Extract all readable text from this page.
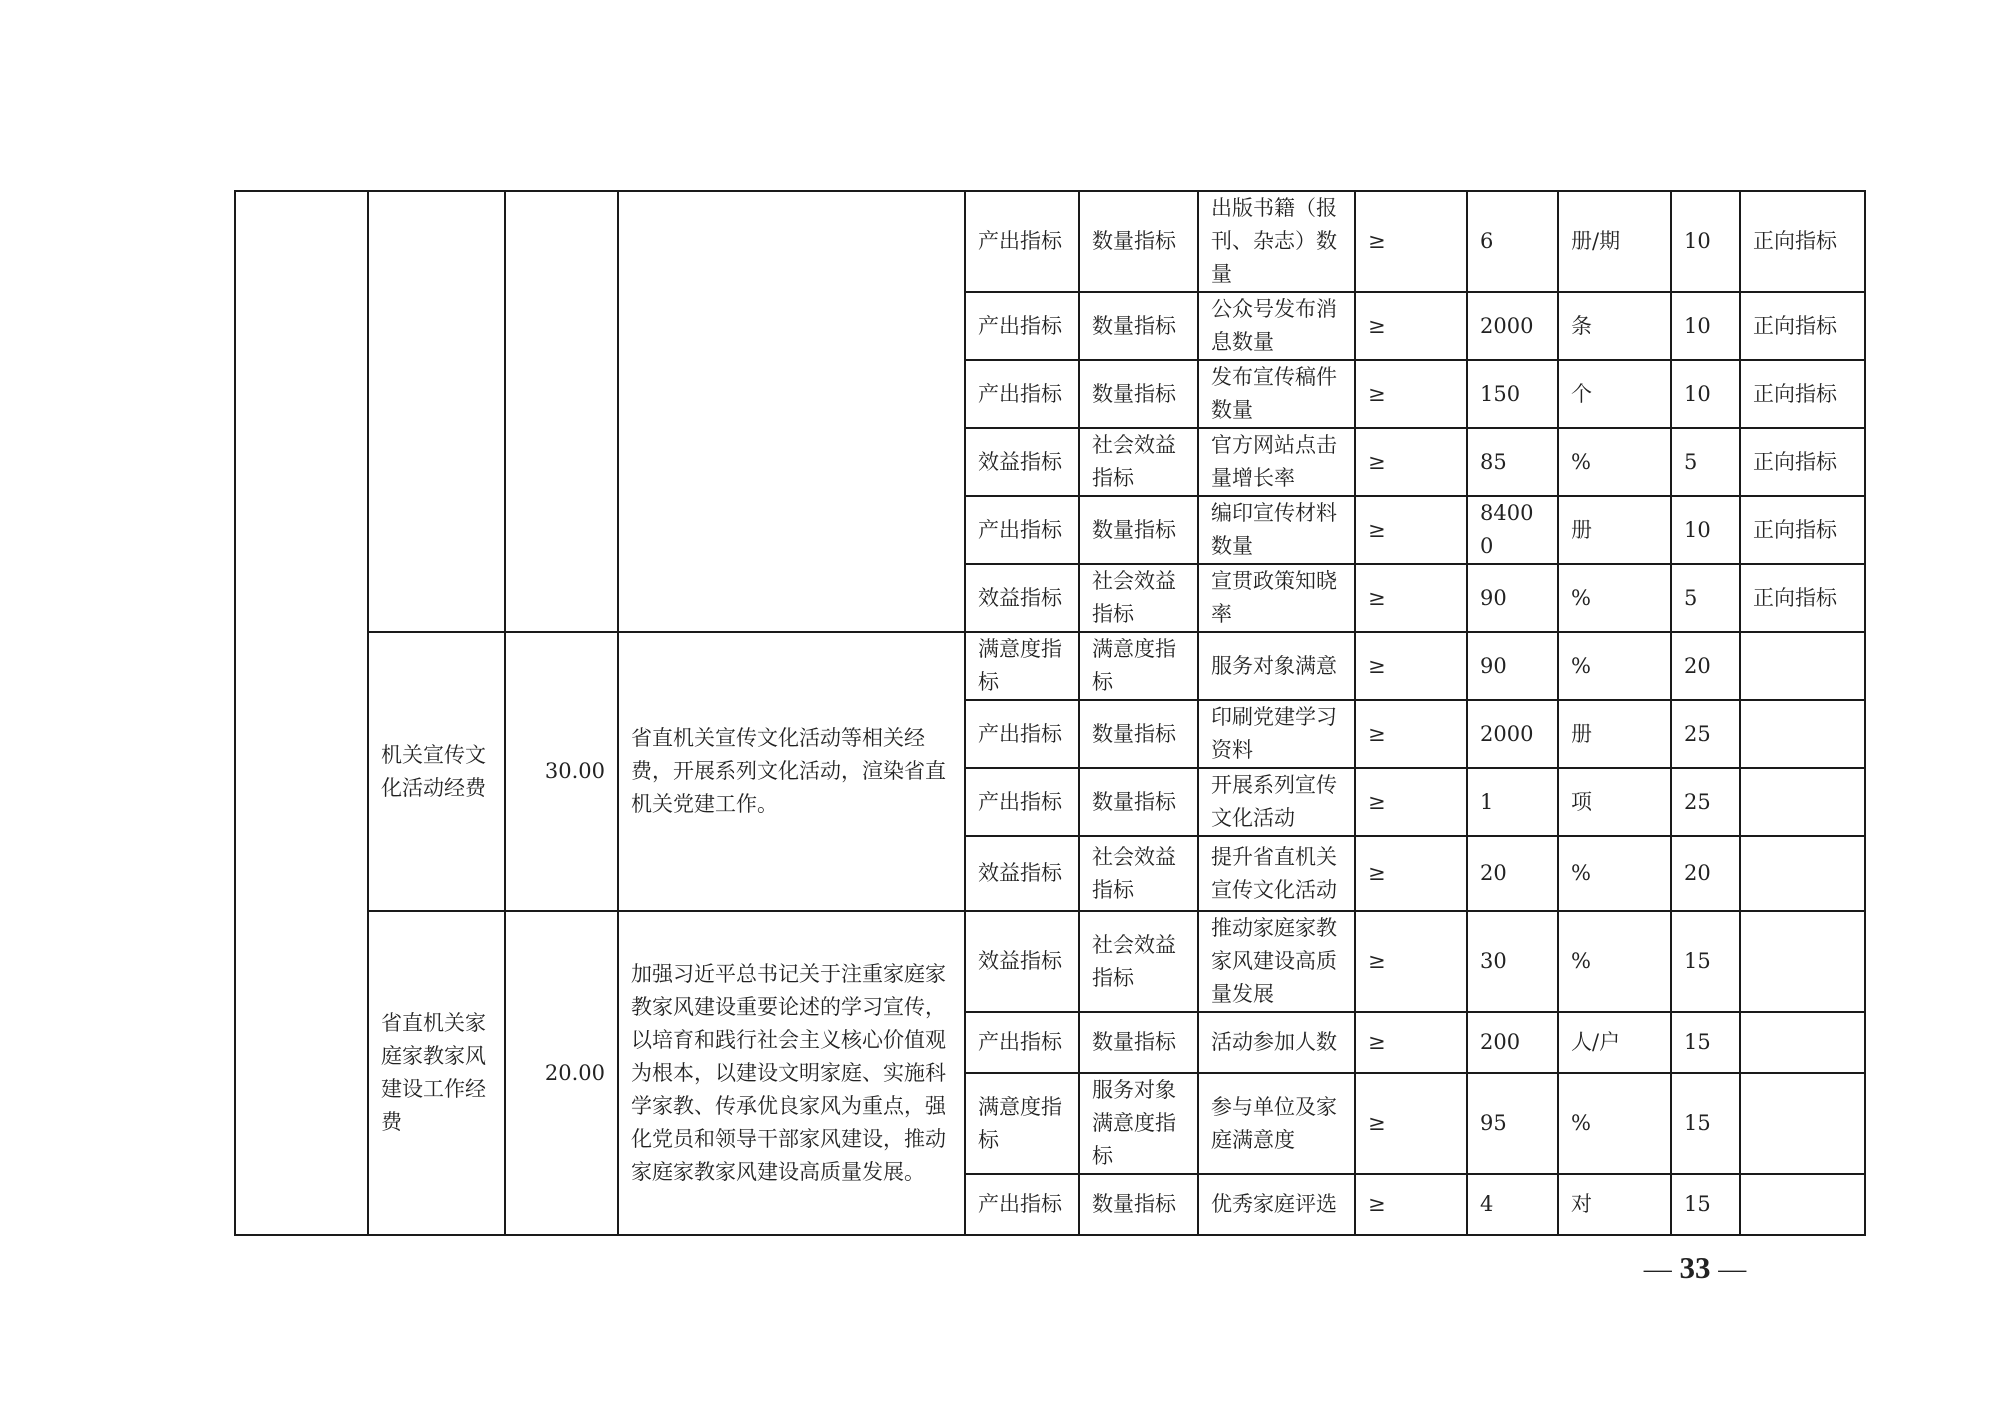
				产出指标	数量指标	出版书籍（报刊、杂志）数量	≥	6	册/期	10	正向指标
				产出指标	数量指标	公众号发布消息数量	≥	2000	条	10	正向指标
				产出指标	数量指标	发布宣传稿件数量	≥	150	个	10	正向指标
				效益指标	社会效益指标	官方网站点击量增长率	≥	85	%	5	正向指标
				产出指标	数量指标	编印宣传材料数量	≥	84000	册	10	正向指标
				效益指标	社会效益指标	宣贯政策知晓率	≥	90	%	5	正向指标
	机关宣传文化活动经费	30.00	省直机关宣传文化活动等相关经费，开展系列文化活动，渲染省直机关党建工作。	满意度指标	满意度指标	服务对象满意	≥	90	%	20	
				产出指标	数量指标	印刷党建学习资料	≥	2000	册	25	
				产出指标	数量指标	开展系列宣传文化活动	≥	1	项	25	
				效益指标	社会效益指标	提升省直机关宣传文化活动	≥	20	%	20	
	省直机关家庭家教家风建设工作经费	20.00	加强习近平总书记关于注重家庭家教家风建设重要论述的学习宣传，以培育和践行社会主义核心价值观为根本，以建设文明家庭、实施科学家教、传承优良家风为重点，强化党员和领导干部家风建设，推动家庭家教家风建设高质量发展。	效益指标	社会效益指标	推动家庭家教家风建设高质量发展	≥	30	%	15	
				产出指标	数量指标	活动参加人数	≥	200	人/户	15	
				满意度指标	服务对象满意度指标	参与单位及家庭满意度	≥	95	%	15	
				产出指标	数量指标	优秀家庭评选	≥	4	对	15	
— 33 —
